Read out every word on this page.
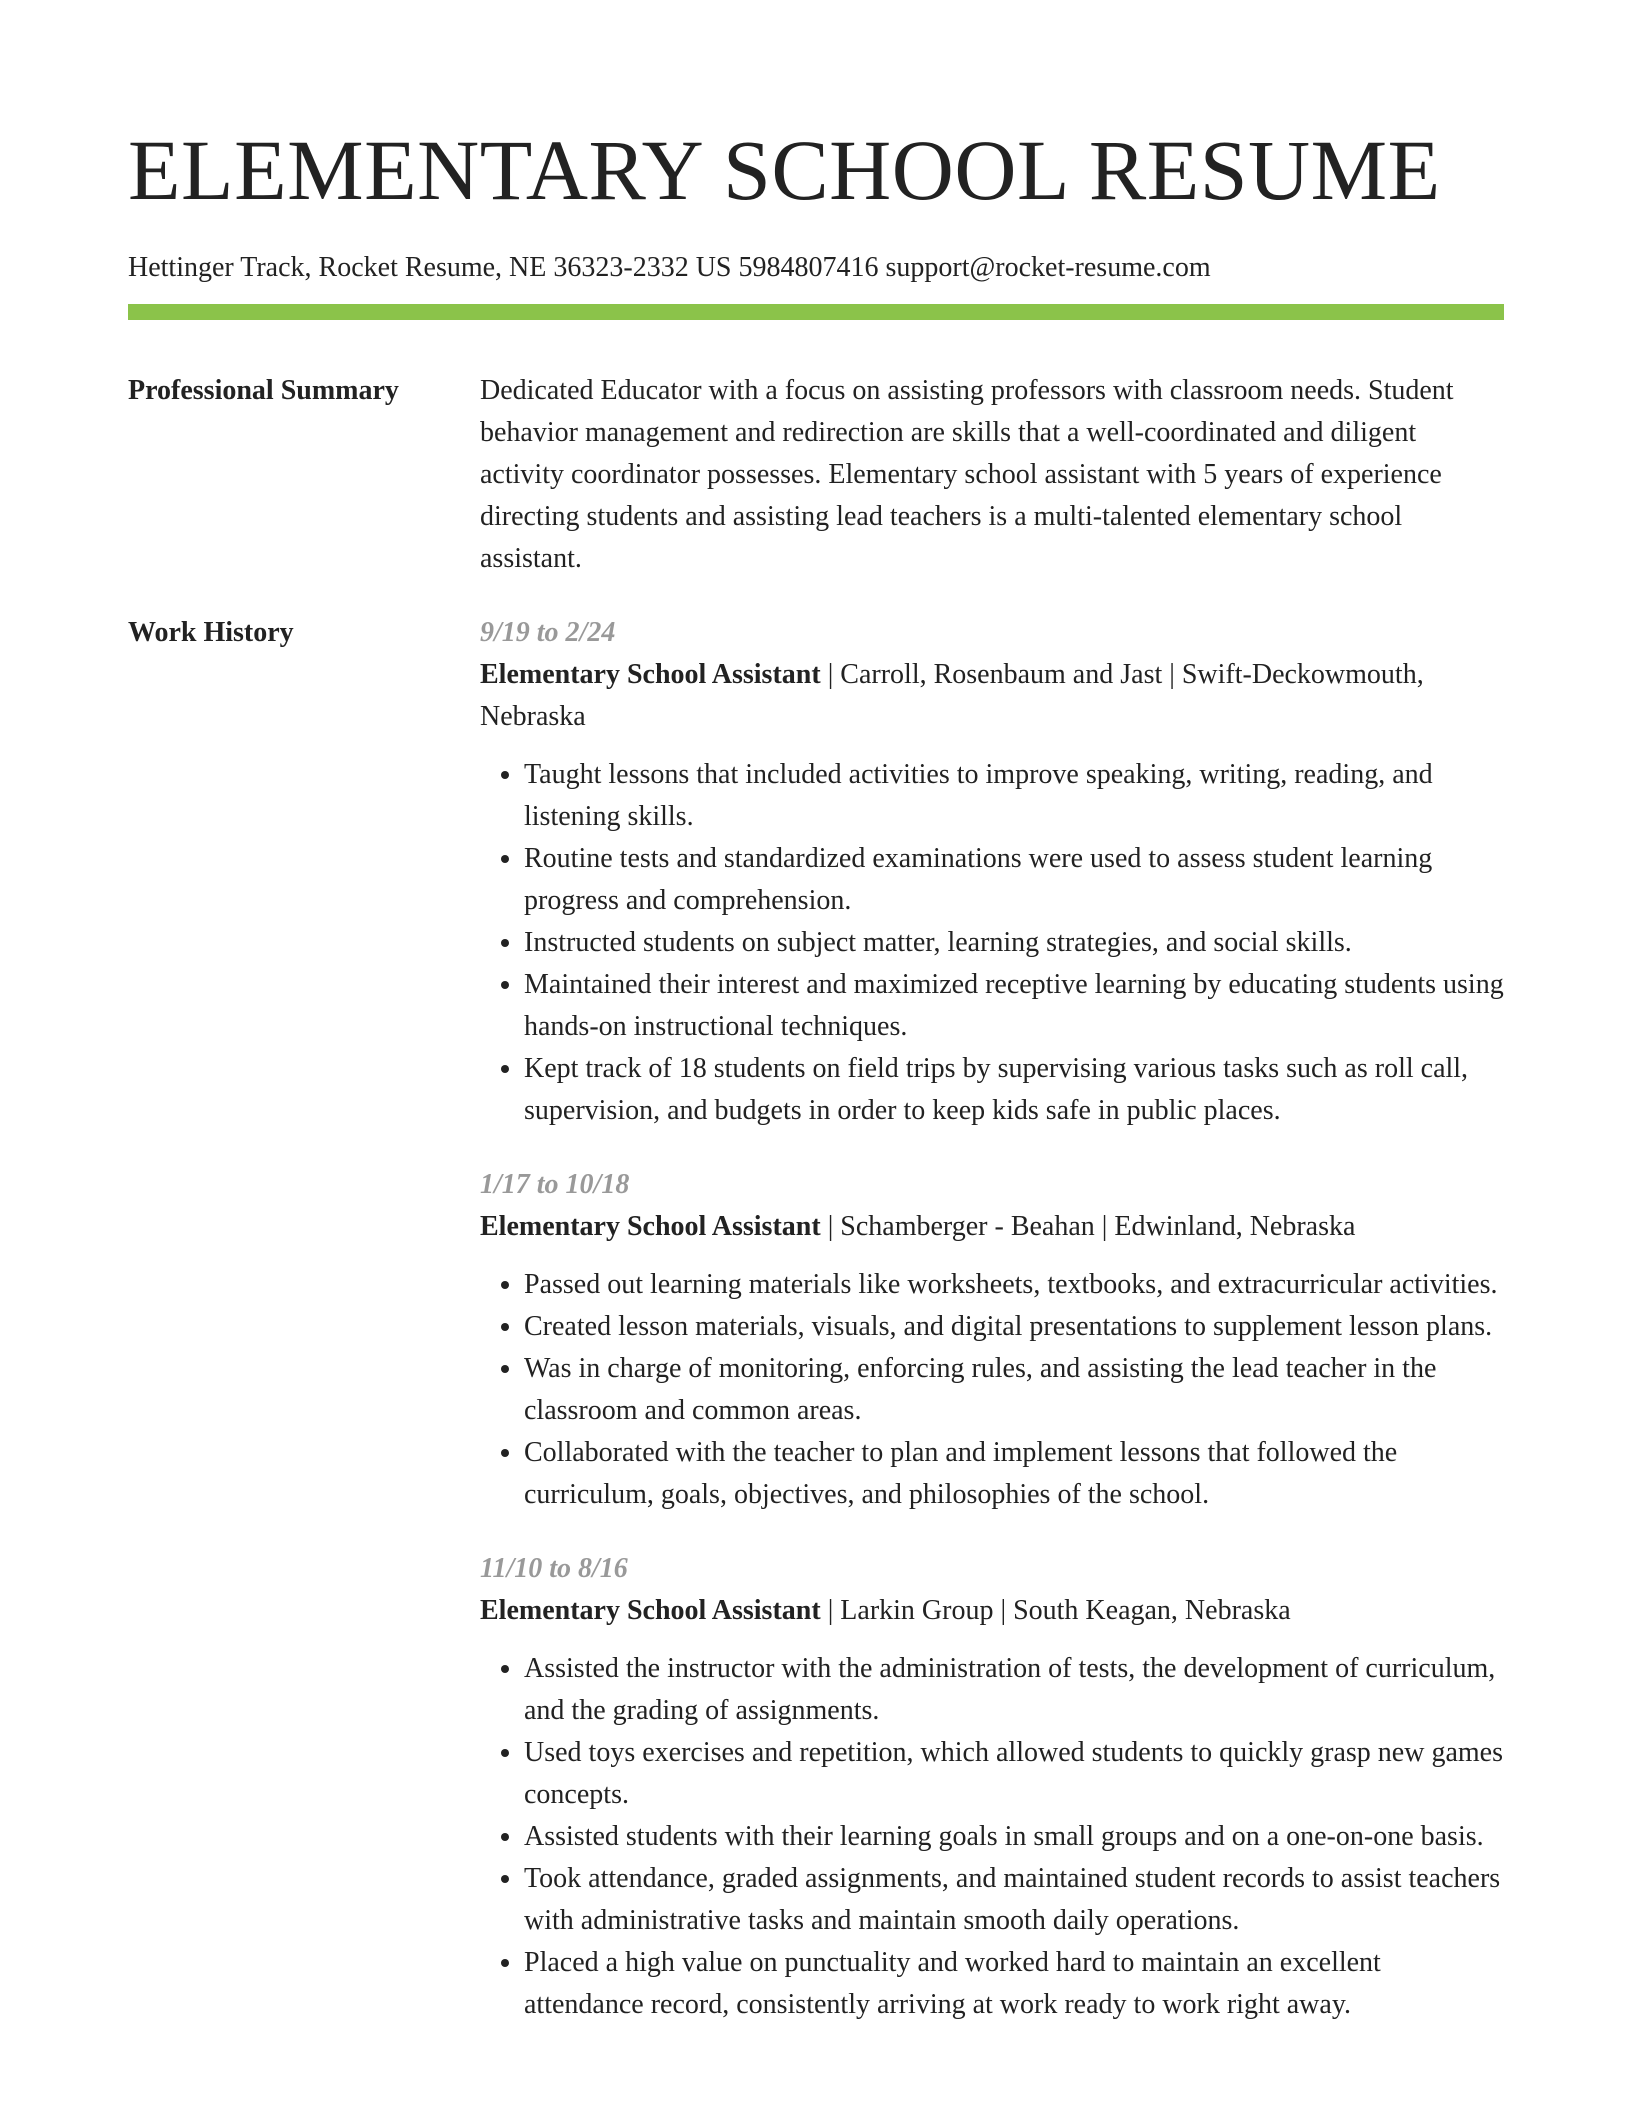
ELEMENTARY SCHOOL RESUME
Hettinger Track, Rocket Resume, NE 36323-2332 US 5984807416 support@rocket-resume.com
Professional Summary	Dedicated Educator with a focus on assisting professors with classroom needs. Student behavior management and redirection are skills that a well-coordinated and diligent activity coordinator possesses. Elementary school assistant with 5 years of experience directing students and assisting lead teachers is a multi-talented elementary school assistant.

Work History	9/19 to 2/24
Elementary School Assistant | Carroll, Rosenbaum and Jast | Swift-Deckowmouth, Nebraska
• Taught lessons that included activities to improve speaking, writing, reading, and listening skills.
• Routine tests and standardized examinations were used to assess student learning progress and comprehension.
• Instructed students on subject matter, learning strategies, and social skills.
• Maintained their interest and maximized receptive learning by educating students using hands-on instructional techniques.
• Kept track of 18 students on field trips by supervising various tasks such as roll call, supervision, and budgets in order to keep kids safe in public places.
1/17 to 10/18
Elementary School Assistant | Schamberger - Beahan | Edwinland, Nebraska
• Passed out learning materials like worksheets, textbooks, and extracurricular activities.
• Created lesson materials, visuals, and digital presentations to supplement lesson plans.
• Was in charge of monitoring, enforcing rules, and assisting the lead teacher in the classroom and common areas.
• Collaborated with the teacher to plan and implement lessons that followed the curriculum, goals, objectives, and philosophies of the school.
11/10 to 8/16
Elementary School Assistant | Larkin Group | South Keagan, Nebraska
• Assisted the instructor with the administration of tests, the development of curriculum, and the grading of assignments.
• Used toys exercises and repetition, which allowed students to quickly grasp new games concepts.
• Assisted students with their learning goals in small groups and on a one-on-one basis.
• Took attendance, graded assignments, and maintained student records to assist teachers with administrative tasks and maintain smooth daily operations.
• Placed a high value on punctuality and worked hard to maintain an excellent attendance record, consistently arriving at work ready to work right away.
